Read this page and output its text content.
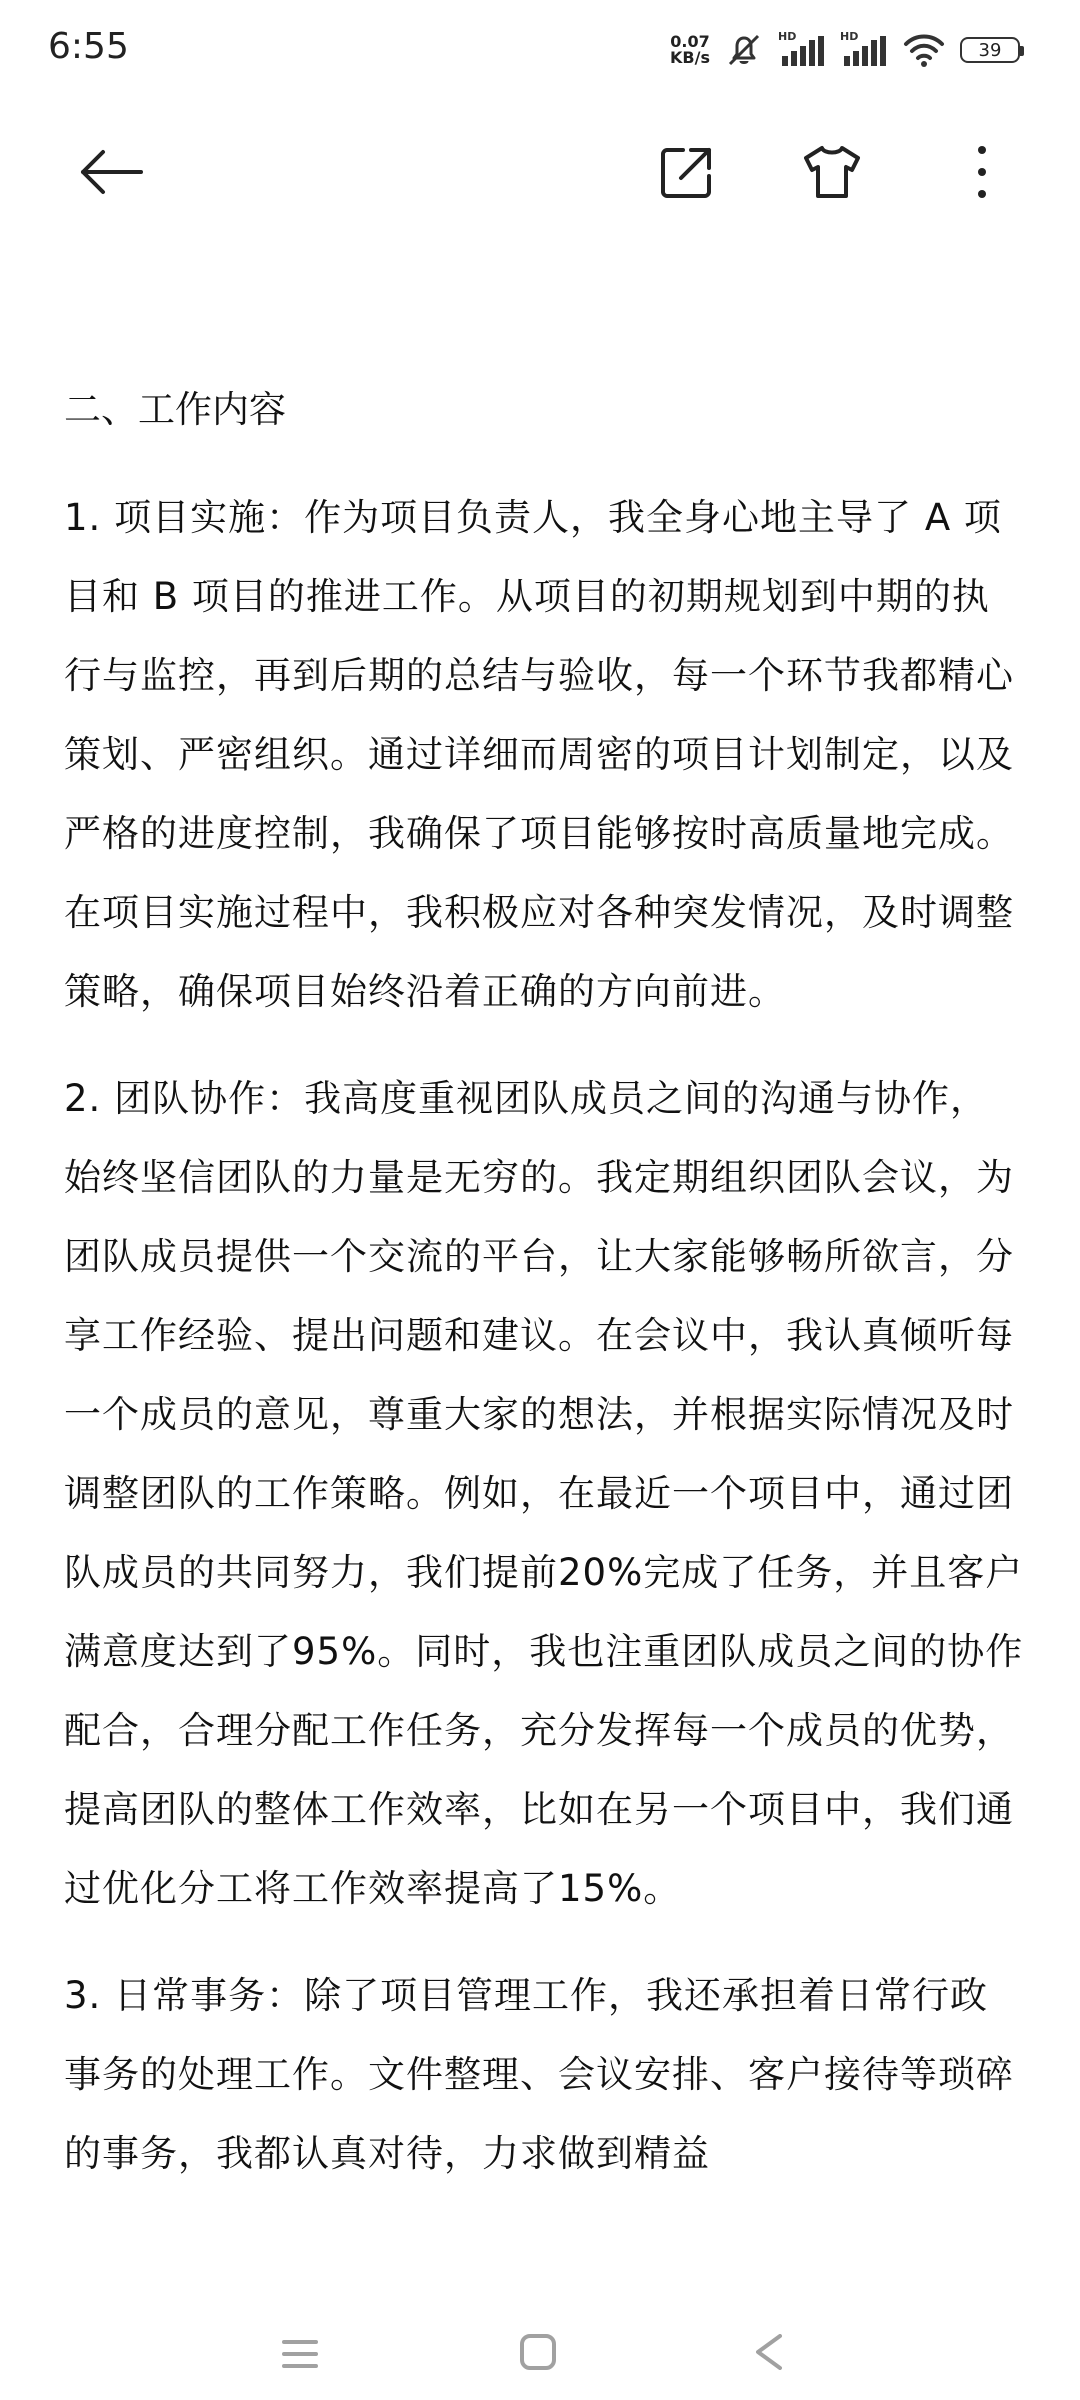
6:55	0.07
KB/s
HD	HD
39
二、工作内容

1. 项目实施：作为项目负责人，我全身心地主导了 A 项目和 B 项目的推进工作。从项目的初期规划到中期的执行与监控，再到后期的总结与验收，每一个环节我都精心策划、严密组织。通过详细而周密的项目计划制定，以及严格的进度控制，我确保了项目能够按时高质量地完成。在项目实施过程中，我积极应对各种突发情况，及时调整策略，确保项目始终沿着正确的方向前进。

2. 团队协作：我高度重视团队成员之间的沟通与协作，始终坚信团队的力量是无穷的。我定期组织团队会议，为团队成员提供一个交流的平台，让大家能够畅所欲言，分享工作经验、提出问题和建议。在会议中，我认真倾听每一个成员的意见，尊重大家的想法，并根据实际情况及时调整团队的工作策略。例如，在最近一个项目中，通过团队成员的共同努力，我们提前20%完成了任务，并且客户满意度达到了95%。同时，我也注重团队成员之间的协作配合，合理分配工作任务，充分发挥每一个成员的优势，提高团队的整体工作效率，比如在另一个项目中，我们通过优化分工将工作效率提高了15%。

3. 日常事务：除了项目管理工作，我还承担着日常行政事务的处理工作。文件整理、会议安排、客户接待等琐碎的事务，我都认真对待，力求做到精益
